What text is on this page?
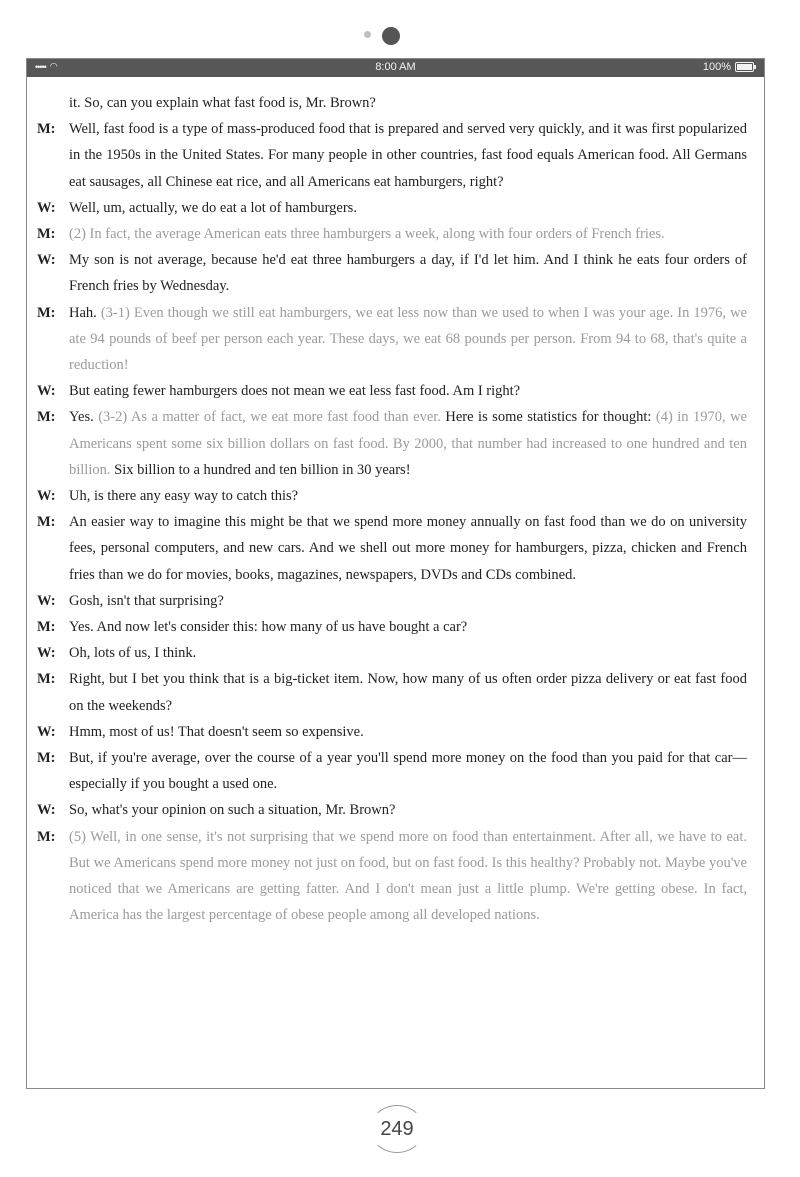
••••• ◠	8:00 AM	100%
it. So, can you explain what fast food is, Mr. Brown?
M: Well, fast food is a type of mass-produced food that is prepared and served very quickly, and it was first popularized in the 1950s in the United States. For many people in other countries, fast food equals American food. All Germans eat sausages, all Chinese eat rice, and all Americans eat hamburgers, right?
W: Well, um, actually, we do eat a lot of hamburgers.
M: (2) In fact, the average American eats three hamburgers a week, along with four orders of French fries.
W: My son is not average, because he'd eat three hamburgers a day, if I'd let him. And I think he eats four orders of French fries by Wednesday.
M: Hah. (3-1) Even though we still eat hamburgers, we eat less now than we used to when I was your age. In 1976, we ate 94 pounds of beef per person each year. These days, we eat 68 pounds per person. From 94 to 68, that's quite a reduction!
W: But eating fewer hamburgers does not mean we eat less fast food. Am I right?
M: Yes. (3-2) As a matter of fact, we eat more fast food than ever. Here is some statistics for thought: (4) in 1970, we Americans spent some six billion dollars on fast food. By 2000, that number had increased to one hundred and ten billion. Six billion to a hundred and ten billion in 30 years!
W: Uh, is there any easy way to catch this?
M: An easier way to imagine this might be that we spend more money annually on fast food than we do on university fees, personal computers, and new cars. And we shell out more money for hamburgers, pizza, chicken and French fries than we do for movies, books, magazines, newspapers, DVDs and CDs combined.
W: Gosh, isn't that surprising?
M: Yes. And now let's consider this: how many of us have bought a car?
W: Oh, lots of us, I think.
M: Right, but I bet you think that is a big-ticket item. Now, how many of us often order pizza delivery or eat fast food on the weekends?
W: Hmm, most of us! That doesn't seem so expensive.
M: But, if you're average, over the course of a year you'll spend more money on the food than you paid for that car—especially if you bought a used one.
W: So, what's your opinion on such a situation, Mr. Brown?
M: (5) Well, in one sense, it's not surprising that we spend more on food than entertainment. After all, we have to eat. But we Americans spend more money not just on food, but on fast food. Is this healthy? Probably not. Maybe you've noticed that we Americans are getting fatter. And I don't mean just a little plump. We're getting obese. In fact, America has the largest percentage of obese people among all developed nations.
249
